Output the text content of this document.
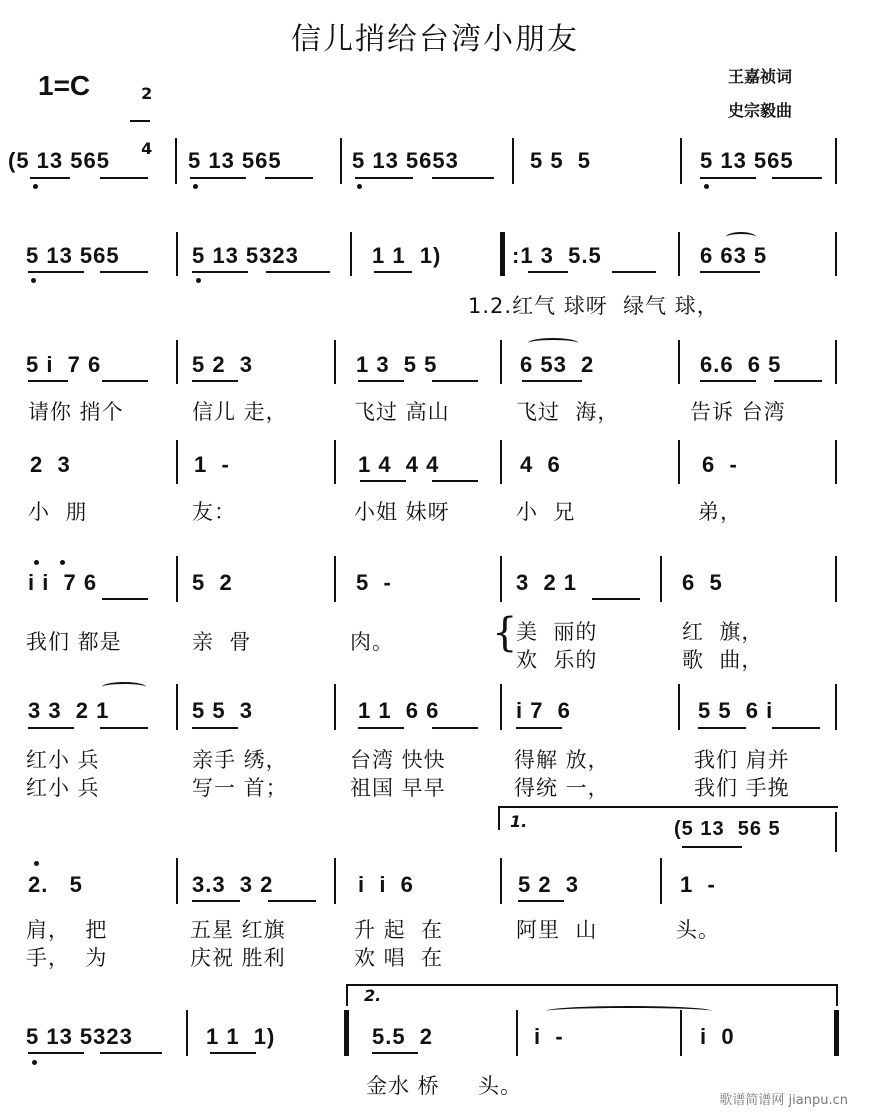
信儿捎给台湾小朋友
1=C	2

4

王嘉祯词
史宗毅曲
(5 13 565	5 13 565	5 13 5653	5 5  5	5 13 565
5 13 565	5 13 5323	1 1  1)	:1 3  5.5	6 63 5
1.2.红气 球呀  绿气 球，
5 i  7 6	5 2  3	1 3  5 5	6 53  2	6.6  6 5
请你 捎个	信儿 走，	飞过 高山	飞过  海，	告诉 台湾
2  3	1  -	1 4  4 4	4  6	6  -
小  朋	友：	小姐 妹呀	小  兄	弟，
i i  7 6	5  2	5  -	3  2 1	6  5
我们 都是	亲  骨	肉。 {
美  丽的	红  旗，
欢  乐的	歌  曲，
3 3  2 1	5 5  3	1 1  6 6	i 7  6	5 5  6 i
红小 兵	亲手 绣，	台湾 快快	得解 放，	我们 肩并
红小 兵	写一 首；	祖国 早早	得统 一，	我们 手挽
1.	(5 13  56 5
2.   5	3.3  3 2	i  i  6	5 2  3	1  -
肩，  把	五星 红旗	升 起  在	阿里  山	头。
手，  为	庆祝 胜利	欢 唱  在
2.
5 13 5323	1 1  1)	5.5  2	i  -	i  0
金水 桥     头。
歌谱简谱网 jianpu.cn
